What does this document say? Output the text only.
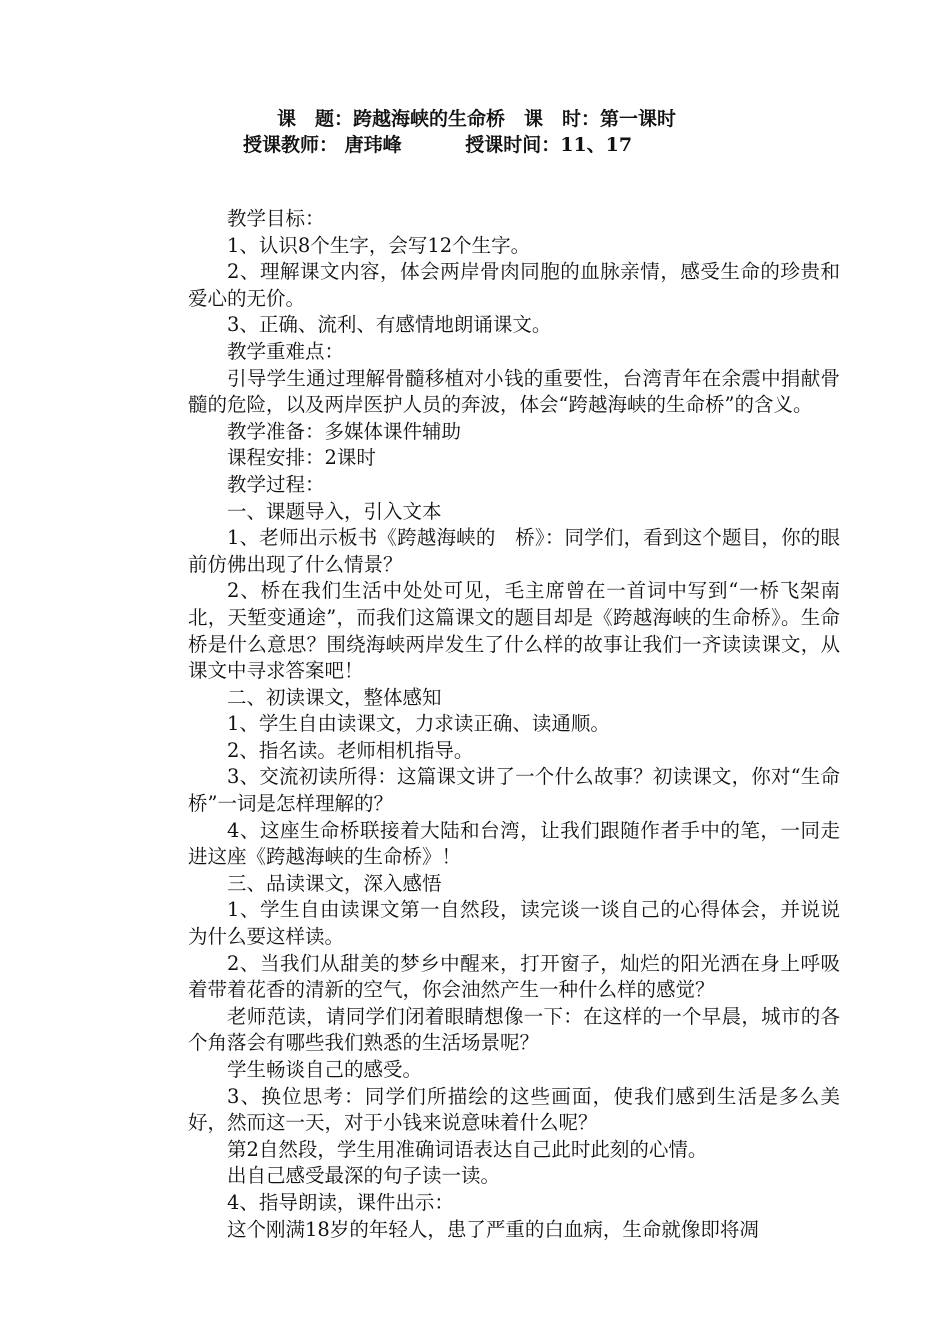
课　题：跨越海峡的生命桥　课　时：第一课时
授课教师： 唐玮峰　　　 授课时间：11、17

教学目标：

1、认识8个生字，会写12个生字。

2、理解课文内容，体会两岸骨肉同胞的血脉亲情，感受生命的珍贵和爱心的无价。

3、正确、流利、有感情地朗诵课文。

教学重难点：

引导学生通过理解骨髓移植对小钱的重要性，台湾青年在余震中捐献骨髓的危险，以及两岸医护人员的奔波，体会“跨越海峡的生命桥”的含义。

教学准备：多媒体课件辅助

课程安排：2课时

教学过程：

一、课题导入，引入文本

1、老师出示板书《跨越海峡的　桥》：同学们，看到这个题目，你的眼前仿佛出现了什么情景？

2、桥在我们生活中处处可见，毛主席曾在一首词中写到“一桥飞架南北，天堑变通途”，而我们这篇课文的题目却是《跨越海峡的生命桥》。生命桥是什么意思？围绕海峡两岸发生了什么样的故事让我们一齐读读课文，从课文中寻求答案吧！

二、初读课文，整体感知

1、学生自由读课文，力求读正确、读通顺。

2、指名读。老师相机指导。

3、交流初读所得：这篇课文讲了一个什么故事？初读课文，你对“生命桥”一词是怎样理解的？

4、这座生命桥联接着大陆和台湾，让我们跟随作者手中的笔，一同走进这座《跨越海峡的生命桥》！

三、品读课文，深入感悟

1、学生自由读课文第一自然段，读完谈一谈自己的心得体会，并说说为什么要这样读。

2、当我们从甜美的梦乡中醒来，打开窗子，灿烂的阳光洒在身上呼吸着带着花香的清新的空气，你会油然产生一种什么样的感觉？

老师范读，请同学们闭着眼睛想像一下：在这样的一个早晨，城市的各个角落会有哪些我们熟悉的生活场景呢？

学生畅谈自己的感受。

3、换位思考：同学们所描绘的这些画面，使我们感到生活是多么美好，然而这一天，对于小钱来说意味着什么呢？

第2自然段，学生用准确词语表达自己此时此刻的心情。

出自己感受最深的句子读一读。

4、指导朗读，课件出示：

这个刚满18岁的年轻人，患了严重的白血病，生命就像即将凋
